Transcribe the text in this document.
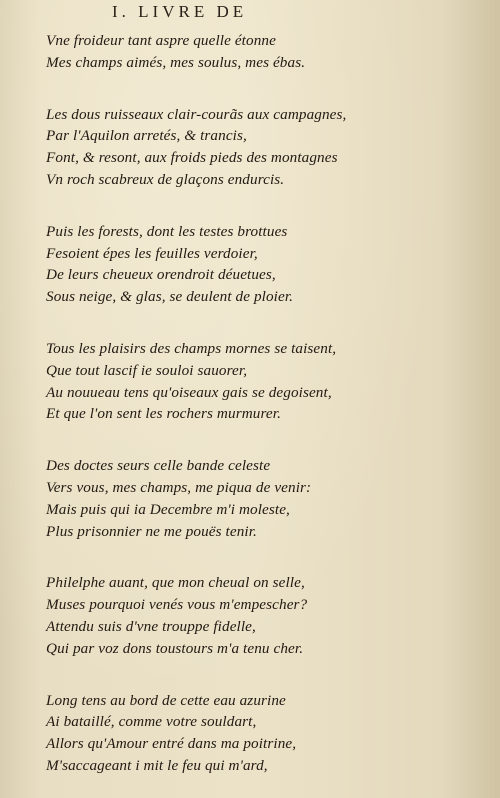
I. LIVRE DE
Vne froideur tant aspre quelle étonne
Mes champs aimés, mes soulus, mes ébas.
Les dous ruisseaux clair-courãs aux campagnes,
Par l'Aquilon arretés, & trancis,
Font, & resont, aux froids pieds des montagnes
Vn roch scabreux de glaçons endurcis.
Puis les forests, dont les testes brottues
Fesoient épes les feuilles verdoier,
De leurs cheueux orendroit déuetues,
Sous neige, & glas, se deulent de ploier.
Tous les plaisirs des champs mornes se taisent,
Que tout lascif ie souloi sauorer,
Au nouueau tens qu'oiseaux gais se degoisent,
Et que l'on sent les rochers murmurer.
Des doctes seurs celle bande celeste
Vers vous, mes champs, me piqua de venir:
Mais puis qui ia Decembre m'i moleste,
Plus prisonnier ne me pouës tenir.
Philelphe auant, que mon cheual on selle,
Muses pourquoi venés vous m'empescher?
Attendu suis d'vne trouppe fidelle,
Qui par voz dons toustours m'a tenu cher.
Long tens au bord de cette eau azurine
Ai bataillé, comme votre souldart,
Allors qu'Amour entré dans ma poitrine,
M'saccageant i mit le feu qui m'ard,
